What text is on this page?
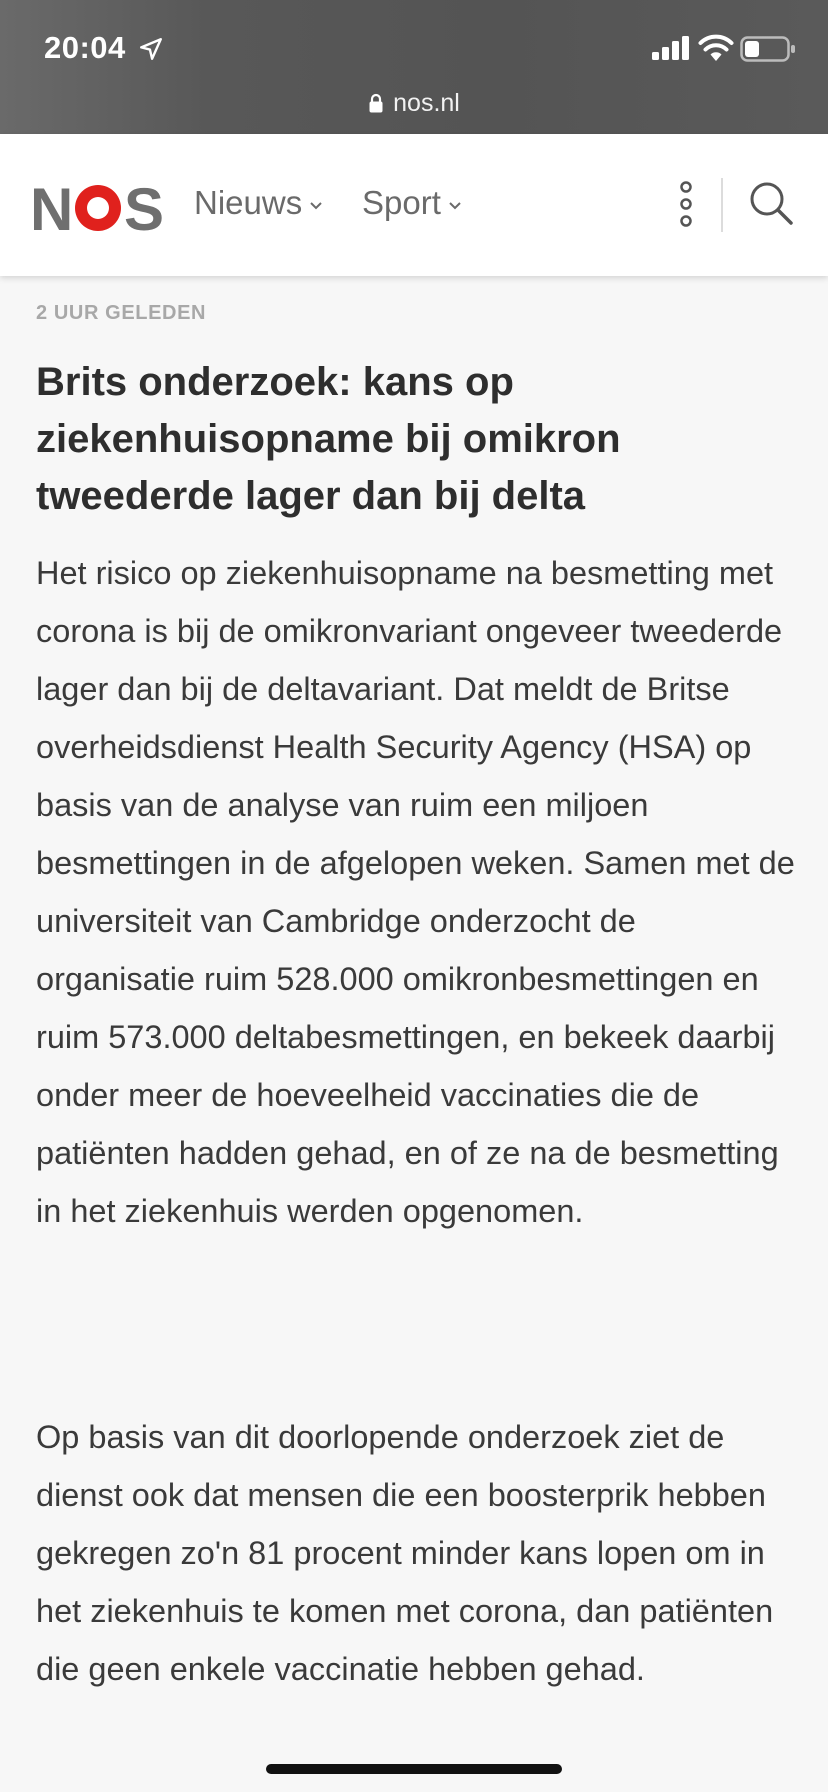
20:04
nos.nl
N S Nieuws Sport
2 UUR GELEDEN
Brits onderzoek: kans op ziekenhuisopname bij omikron tweederde lager dan bij delta

Het risico op ziekenhuisopname na besmetting met corona is bij de omikronvariant ongeveer tweederde lager dan bij de deltavariant. Dat meldt de Britse overheidsdienst Health Security Agency (HSA) op basis van de analyse van ruim een miljoen besmettingen in de afgelopen weken. Samen met de universiteit van Cambridge onderzocht de organisatie ruim 528.000 omikronbesmettingen en ruim 573.000 deltabesmettingen, en bekeek daarbij onder meer de hoeveelheid vaccinaties die de patiënten hadden gehad, en of ze na de besmetting in het ziekenhuis werden opgenomen.

Op basis van dit doorlopende onderzoek ziet de dienst ook dat mensen die een boosterprik hebben gekregen zo'n 81 procent minder kans lopen om in het ziekenhuis te komen met corona, dan patiënten die geen enkele vaccinatie hebben gehad.
